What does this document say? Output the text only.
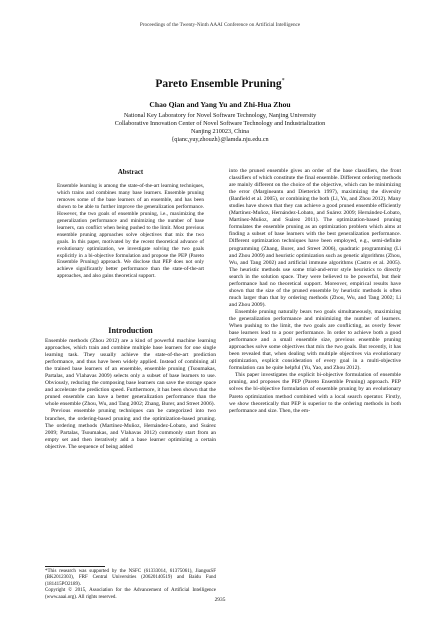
Proceedings of the Twenty-Ninth AAAI Conference on Artificial Intelligence
Pareto Ensemble Pruning*
Chao Qian and Yang Yu and Zhi-Hua Zhou
National Key Laboratory for Novel Software Technology, Nanjing University
Collaborative Innovation Center of Novel Software Technology and Industrialization
Nanjing 210023, China
{qianc,yuy,zhouzh}@lamda.nju.edu.cn
Abstract

Ensemble learning is among the state-of-the-art learning techniques, which trains and combines many base learners. Ensemble pruning removes some of the base learners of an ensemble, and has been shown to be able to further improve the generalization performance. However, the two goals of ensemble pruning, i.e., maximizing the generalization performance and minimizing the number of base learners, can conflict when being pushed to the limit. Most previous ensemble pruning approaches solve objectives that mix the two goals. In this paper, motivated by the recent theoretical advance of evolutionary optimization, we investigate solving the two goals explicitly in a bi-objective formulation and propose the PEP (Pareto Ensemble Pruning) approach. We disclose that PEP does not only achieve significantly better performance than the state-of-the-art approaches, and also gains theoretical support.

Introduction

Ensemble methods (Zhou 2012) are a kind of powerful machine learning approaches, which train and combine multiple base learners for one single learning task. They usually achieve the state-of-the-art prediction performance, and thus have been widely applied. Instead of combining all the trained base learners of an ensemble, ensemble pruning (Tsoumakas, Partalas, and Vlahavas 2009) selects only a subset of base learners to use. Obviously, reducing the composing base learners can save the storage space and accelerate the prediction speed. Furthermore, it has been shown that the pruned ensemble can have a better generalization performance than the whole ensemble (Zhou, Wu, and Tang 2002; Zhang, Burer, and Street 2006).

Previous ensemble pruning techniques can be categorized into two branches, the ordering-based pruning and the optimization-based pruning. The ordering methods (Martínez-Muñoz, Hernández-Lobato, and Suárez 2009; Partalas, Tsoumakas, and Vlahavas 2012) commonly start from an empty set and then iteratively add a base learner optimizing a certain objective. The sequence of being added

*This research was supported by the NSFC (61333014, 61375061), JiangsuSF (BK2012303), FRF Central Universities (20620140519) and Baidu Fund (181415PO2189).

Copyright © 2015, Association for the Advancement of Artificial Intelligence (www.aaai.org). All rights reserved.

into the pruned ensemble gives an order of the base classifiers, the front classifiers of which constitute the final ensemble. Different ordering methods are mainly different on the choice of the objective, which can be minimizing the error (Margineantu and Dietterich 1997), maximizing the diversity (Banfield et al. 2005), or combining the both (Li, Yu, and Zhou 2012). Many studies have shown that they can achieve a good pruned ensemble efficiently (Martínez-Muñoz, Hernández-Lobato, and Suárez 2009; Hernández-Lobato, Martínez-Muñoz, and Suárez 2011). The optimization-based pruning formulates the ensemble pruning as an optimization problem which aims at finding a subset of base learners with the best generalization performance. Different optimization techniques have been employed, e.g., semi-definite programming (Zhang, Burer, and Street 2006), quadratic programming (Li and Zhou 2009) and heuristic optimization such as genetic algorithms (Zhou, Wu, and Tang 2002) and artificial immune algorithms (Castro et al. 2005). The heuristic methods use some trial-and-error style heuristics to directly search in the solution space. They were believed to be powerful, but their performance had no theoretical support. Moreover, empirical results have shown that the size of the pruned ensemble by heuristic methods is often much larger than that by ordering methods (Zhou, Wu, and Tang 2002; Li and Zhou 2009).

Ensemble pruning naturally bears two goals simultaneously, maximizing the generalization performance and minimizing the number of learners. When pushing to the limit, the two goals are conflicting, as overly fewer base learners lead to a poor performance. In order to achieve both a good performance and a small ensemble size, previous ensemble pruning approaches solve some objectives that mix the two goals. But recently, it has been revealed that, when dealing with multiple objectives via evolutionary optimization, explicit consideration of every goal in a multi-objective formulation can be quite helpful (Yu, Yao, and Zhou 2012).

This paper investigates the explicit bi-objective formulation of ensemble pruning, and proposes the PEP (Pareto Ensemble Pruning) approach. PEP solves the bi-objective formulation of ensemble pruning by an evolutionary Pareto optimization method combined with a local search operator. Firstly, we show theoretically that PEP is superior to the ordering methods in both performance and size. Then, the em-

2935
